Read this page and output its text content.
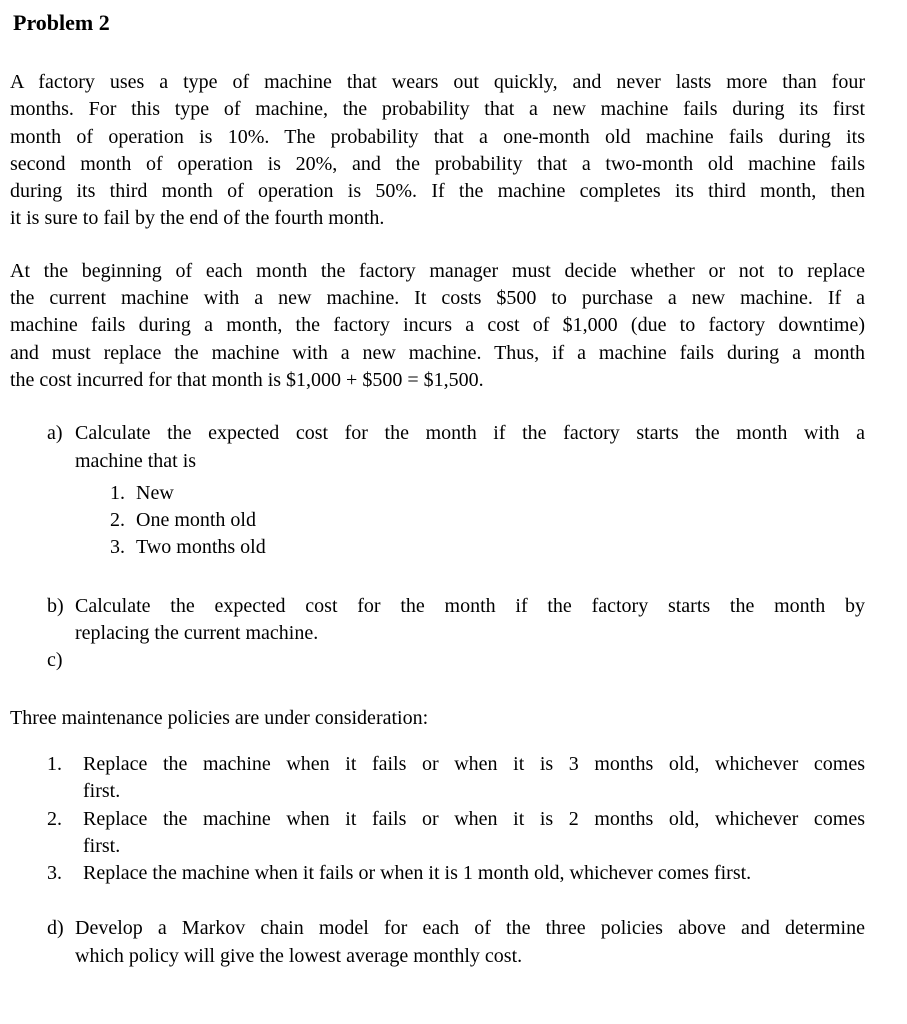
Problem 2
A factory uses a type of machine that wears out quickly, and never lasts more than four
months. For this type of machine, the probability that a new machine fails during its first
month of operation is 10%. The probability that a one-month old machine fails during its
second month of operation is 20%, and the probability that a two-month old machine fails
during its third month of operation is 50%. If the machine completes its third month, then
it is sure to fail by the end of the fourth month.
At the beginning of each month the factory manager must decide whether or not to replace
the current machine with a new machine. It costs $500 to purchase a new machine. If a
machine fails during a month, the factory incurs a cost of $1,000 (due to factory downtime)
and must replace the machine with a new machine. Thus, if a machine fails during a month
the cost incurred for that month is $1,000 + $500 = $1,500.
a) Calculate the expected cost for the month if the factory starts the month with a
machine that is
1. New
2. One month old
3. Two months old
b) Calculate the expected cost for the month if the factory starts the month by
replacing the current machine.
c)
Three maintenance policies are under consideration:
1.	Replace the machine when it fails or when it is 3 months old, whichever comes
first.
2.	Replace the machine when it fails or when it is 2 months old, whichever comes
first.
3.	Replace the machine when it fails or when it is 1 month old, whichever comes first.
d) Develop a Markov chain model for each of the three policies above and determine
which policy will give the lowest average monthly cost.
